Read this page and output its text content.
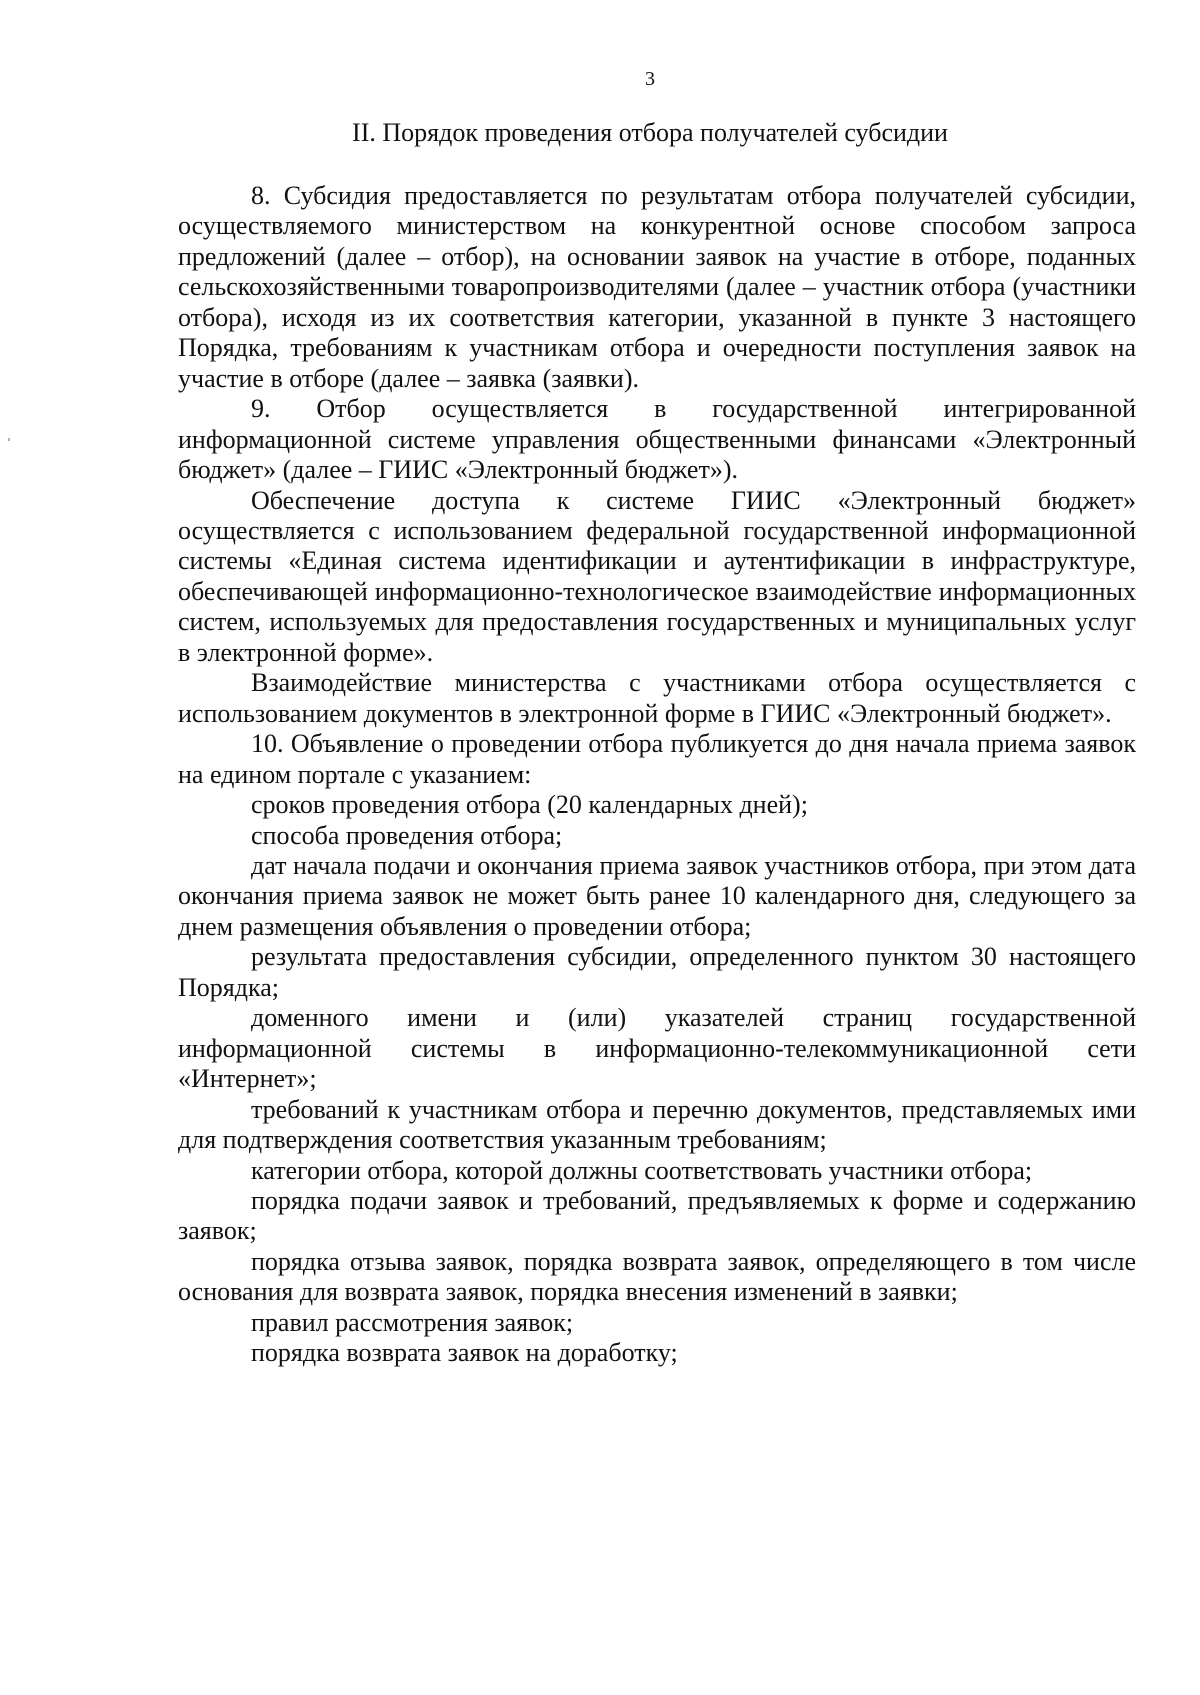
3
II. Порядок проведения отбора получателей субсидии

8. Субсидия предоставляется по результатам отбора получателей субсидии, осуществляемого министерством на конкурентной основе способом запроса предложений (далее – отбор), на основании заявок на участие в отборе, поданных сельскохозяйственными товаропроизводителями (далее – участник отбора (участники отбора), исходя из их соответствия категории, указанной в пункте 3 настоящего Порядка, требованиям к участникам отбора и очередности поступления заявок на участие в отборе (далее – заявка (заявки).

9. Отбор осуществляется в государственной интегрированной информационной системе управления общественными финансами «Электронный бюджет» (далее – ГИИС «Электронный бюджет»).

Обеспечение доступа к системе ГИИС «Электронный бюджет» осуществляется с использованием федеральной государственной информационной системы «Единая система идентификации и аутентификации в инфраструктуре, обеспечивающей информационно-технологическое взаимодействие информационных систем, используемых для предоставления государственных и муниципальных услуг в электронной форме».

Взаимодействие министерства с участниками отбора осуществляется с использованием документов в электронной форме в ГИИС «Электронный бюджет».

10. Объявление о проведении отбора публикуется до дня начала приема заявок на едином портале с указанием:

сроков проведения отбора (20 календарных дней);

способа проведения отбора;

дат начала подачи и окончания приема заявок участников отбора, при этом дата окончания приема заявок не может быть ранее 10 календарного дня, следующего за днем размещения объявления о проведении отбора;

результата предоставления субсидии, определенного пунктом 30 настоящего Порядка;

доменного имени и (или) указателей страниц государственной информационной системы в информационно-телекоммуникационной сети «Интернет»;

требований к участникам отбора и перечню документов, представляемых ими для подтверждения соответствия указанным требованиям;

категории отбора, которой должны соответствовать участники отбора;

порядка подачи заявок и требований, предъявляемых к форме и содержанию заявок;

порядка отзыва заявок, порядка возврата заявок, определяющего в том числе основания для возврата заявок, порядка внесения изменений в заявки;

правил рассмотрения заявок;

порядка возврата заявок на доработку;
